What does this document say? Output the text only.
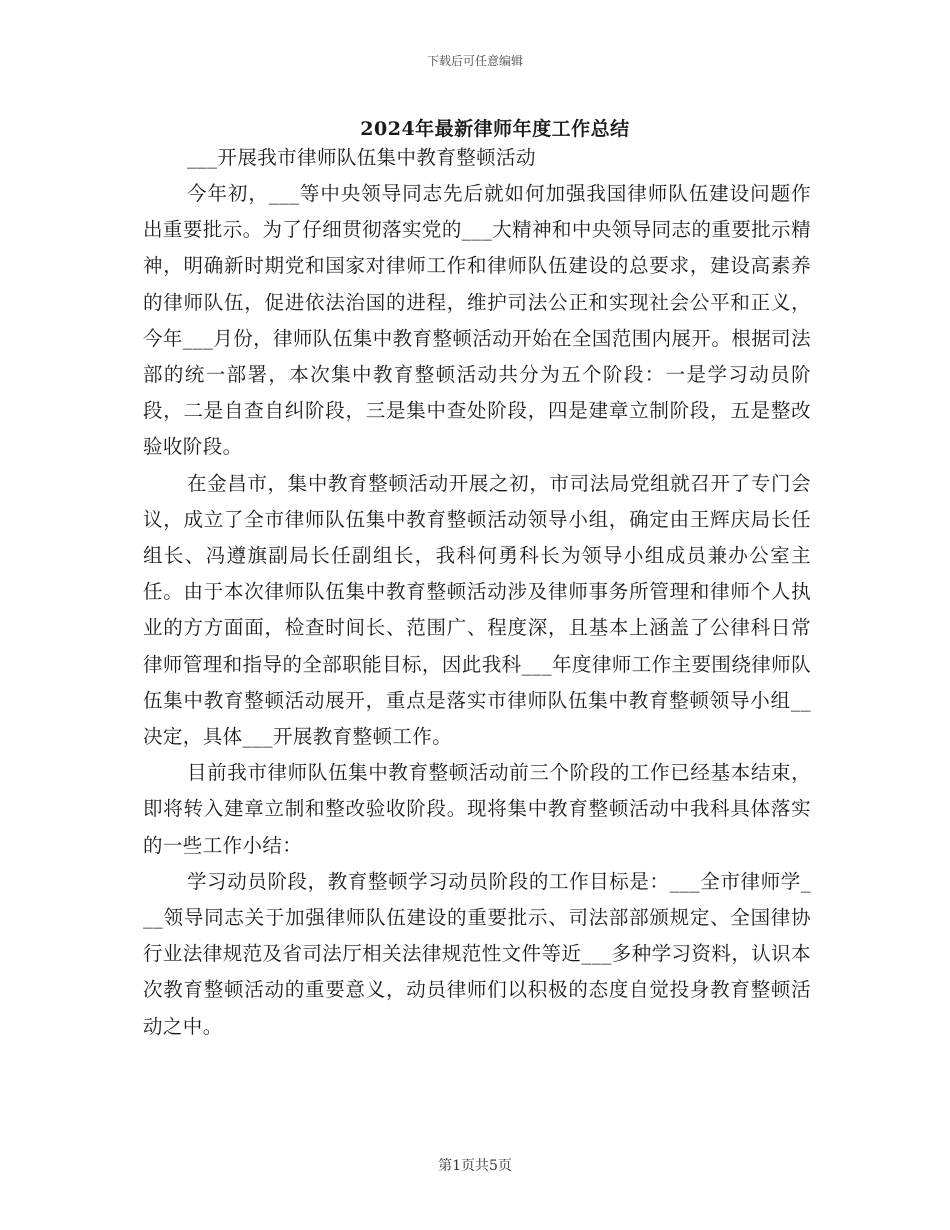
下载后可任意编辑
2024年最新律师年度工作总结

___开展我市律师队伍集中教育整顿活动

今年初，___等中央领导同志先后就如何加强我国律师队伍建设问题作出重要批示。为了仔细贯彻落实党的___大精神和中央领导同志的重要批示精神，明确新时期党和国家对律师工作和律师队伍建设的总要求，建设高素养的律师队伍，促进依法治国的进程，维护司法公正和实现社会公平和正义，今年___月份，律师队伍集中教育整顿活动开始在全国范围内展开。根据司法部的统一部署，本次集中教育整顿活动共分为五个阶段：一是学习动员阶段，二是自查自纠阶段，三是集中查处阶段，四是建章立制阶段，五是整改验收阶段。

在金昌市，集中教育整顿活动开展之初，市司法局党组就召开了专门会议，成立了全市律师队伍集中教育整顿活动领导小组，确定由王辉庆局长任组长、冯遵旗副局长任副组长，我科何勇科长为领导小组成员兼办公室主任。由于本次律师队伍集中教育整顿活动涉及律师事务所管理和律师个人执业的方方面面，检查时间长、范围广、程度深，且基本上涵盖了公律科日常律师管理和指导的全部职能目标，因此我科___年度律师工作主要围绕律师队伍集中教育整顿活动展开，重点是落实市律师队伍集中教育整顿领导小组__决定，具体___开展教育整顿工作。

目前我市律师队伍集中教育整顿活动前三个阶段的工作已经基本结束，即将转入建章立制和整改验收阶段。现将集中教育整顿活动中我科具体落实的一些工作小结：

学习动员阶段，教育整顿学习动员阶段的工作目标是：___全市律师学___领导同志关于加强律师队伍建设的重要批示、司法部部颁规定、全国律协行业法律规范及省司法厅相关法律规范性文件等近___多种学习资料，认识本次教育整顿活动的重要意义，动员律师们以积极的态度自觉投身教育整顿活动之中。

第1页共5页
